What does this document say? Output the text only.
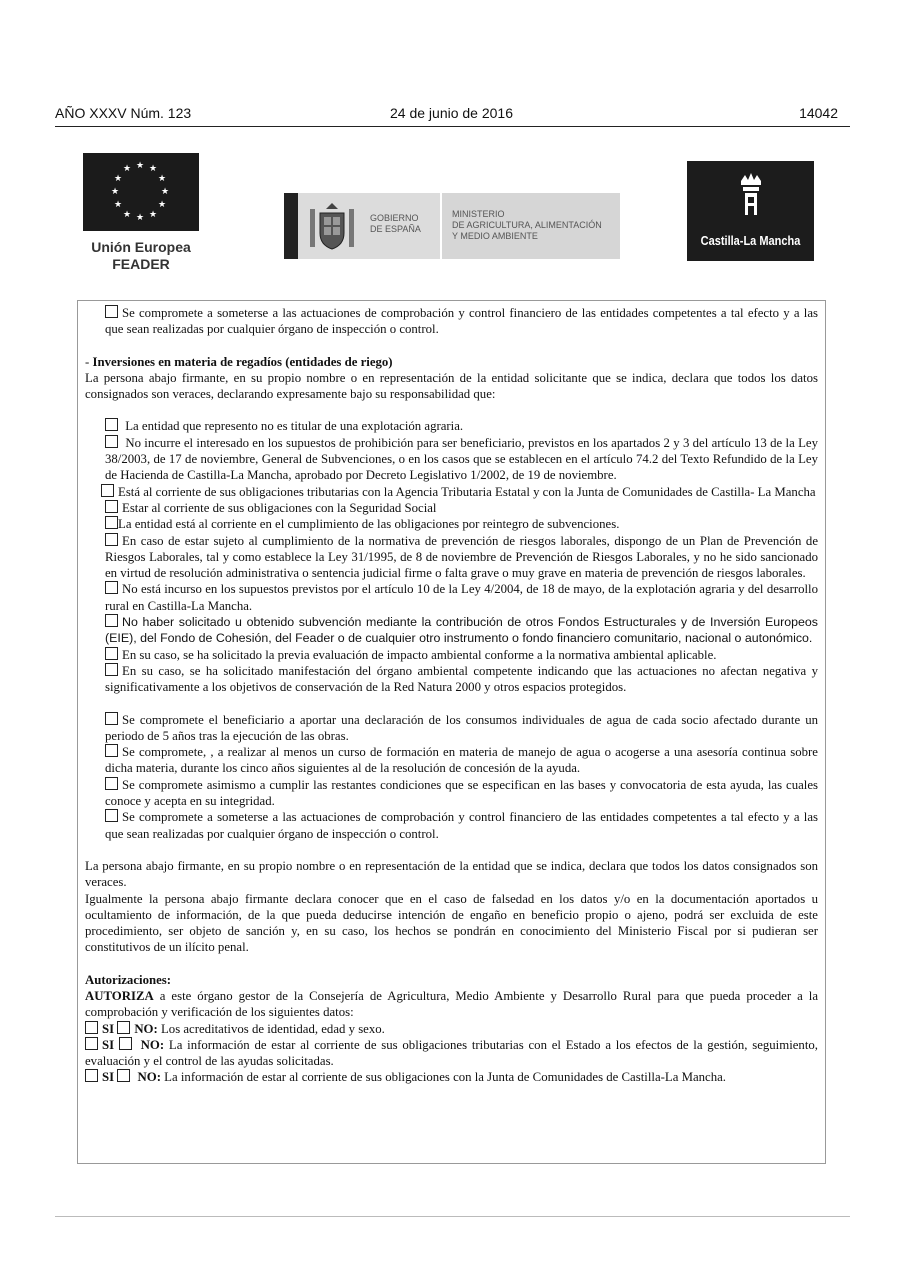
AÑO XXXV Núm. 123	24 de junio de 2016	14042
★ ★
★
★
★
★
★
★
★
★
★
★
Unión Europea
FEADER
GOBIERNO
DE ESPAÑA
MINISTERIO
DE AGRICULTURA, ALIMENTACIÓN
Y MEDIO AMBIENTE	Castilla-La Mancha

Se compromete a someterse a las actuaciones de comprobación y control financiero de las entidades competentes a tal efecto y a las que sean realizadas por cualquier órgano de inspección o control.

- Inversiones en materia de regadíos (entidades de riego)

La persona abajo firmante, en su propio nombre o en representación de la entidad solicitante que se indica, declara que todos los datos consignados son veraces, declarando expresamente bajo su responsabilidad que:

La entidad que represento no es titular de una explotación agraria.

No incurre el interesado en los supuestos de prohibición para ser beneficiario, previstos en los apartados 2 y 3 del artículo 13 de la Ley 38/2003, de 17 de noviembre, General de Subvenciones, o en los casos que se establecen en el artículo 74.2 del Texto Refundido de la Ley de Hacienda de Castilla-La Mancha, aprobado por Decreto Legislativo 1/2002, de 19 de noviembre.

Está al corriente de sus obligaciones tributarias con la Agencia Tributaria Estatal y con la Junta de Comunidades de Castilla- La Mancha

Estar al corriente de sus obligaciones con la Seguridad Social

La entidad está al corriente en el cumplimiento de las obligaciones por reintegro de subvenciones.

En caso de estar sujeto al cumplimiento de la normativa de prevención de riesgos laborales, dispongo de un Plan de Prevención de Riesgos Laborales, tal y como establece la Ley 31/1995, de 8 de noviembre de Prevención de Riesgos Laborales, y no he sido sancionado en virtud de resolución administrativa o sentencia judicial firme o falta grave o muy grave en materia de prevención de riesgos laborales.

No está incurso en los supuestos previstos por el artículo 10 de la Ley 4/2004, de 18 de mayo, de la explotación agraria y del desarrollo rural en Castilla-La Mancha.

No haber solicitado u obtenido subvención mediante la contribución de otros Fondos Estructurales y de Inversión Europeos (EIE), del Fondo de Cohesión, del Feader o de cualquier otro instrumento o fondo financiero comunitario, nacional o autonómico.

En su caso, se ha solicitado la previa evaluación de impacto ambiental conforme a la normativa ambiental aplicable.

En su caso, se ha solicitado manifestación del órgano ambiental competente indicando que las actuaciones no afectan negativa y significativamente a los objetivos de conservación de la Red Natura 2000 y otros espacios protegidos.

Se compromete el beneficiario a aportar una declaración de los consumos individuales de agua de cada socio afectado durante un periodo de 5 años tras la ejecución de las obras.

Se compromete, , a realizar al menos un curso de formación en materia de manejo de agua o acogerse a una asesoría continua sobre dicha materia, durante los cinco años siguientes al de la resolución de concesión de la ayuda.

Se compromete asimismo a cumplir las restantes condiciones que se especifican en las bases y convocatoria de esta ayuda, las cuales conoce y acepta en su integridad.

Se compromete a someterse a las actuaciones de comprobación y control financiero de las entidades competentes a tal efecto y a las que sean realizadas por cualquier órgano de inspección o control.

La persona abajo firmante, en su propio nombre o en representación de la entidad que se indica, declara que todos los datos consignados son veraces.

Igualmente la persona abajo firmante declara conocer que en el caso de falsedad en los datos y/o en la documentación aportados u ocultamiento de información, de la que pueda deducirse intención de engaño en beneficio propio o ajeno, podrá ser excluida de este procedimiento, ser objeto de sanción y, en su caso, los hechos se pondrán en conocimiento del Ministerio Fiscal por si pudieran ser constitutivos de un ilícito penal.

Autorizaciones:

AUTORIZA a este órgano gestor de la Consejería de Agricultura, Medio Ambiente y Desarrollo Rural para que pueda proceder a la comprobación y verificación de los siguientes datos:

SI NO: Los acreditativos de identidad, edad y sexo.

SI NO: La información de estar al corriente de sus obligaciones tributarias con el Estado a los efectos de la gestión, seguimiento, evaluación y el control de las ayudas solicitadas.

SI NO: La información de estar al corriente de sus obligaciones con la Junta de Comunidades de Castilla-La Mancha.
